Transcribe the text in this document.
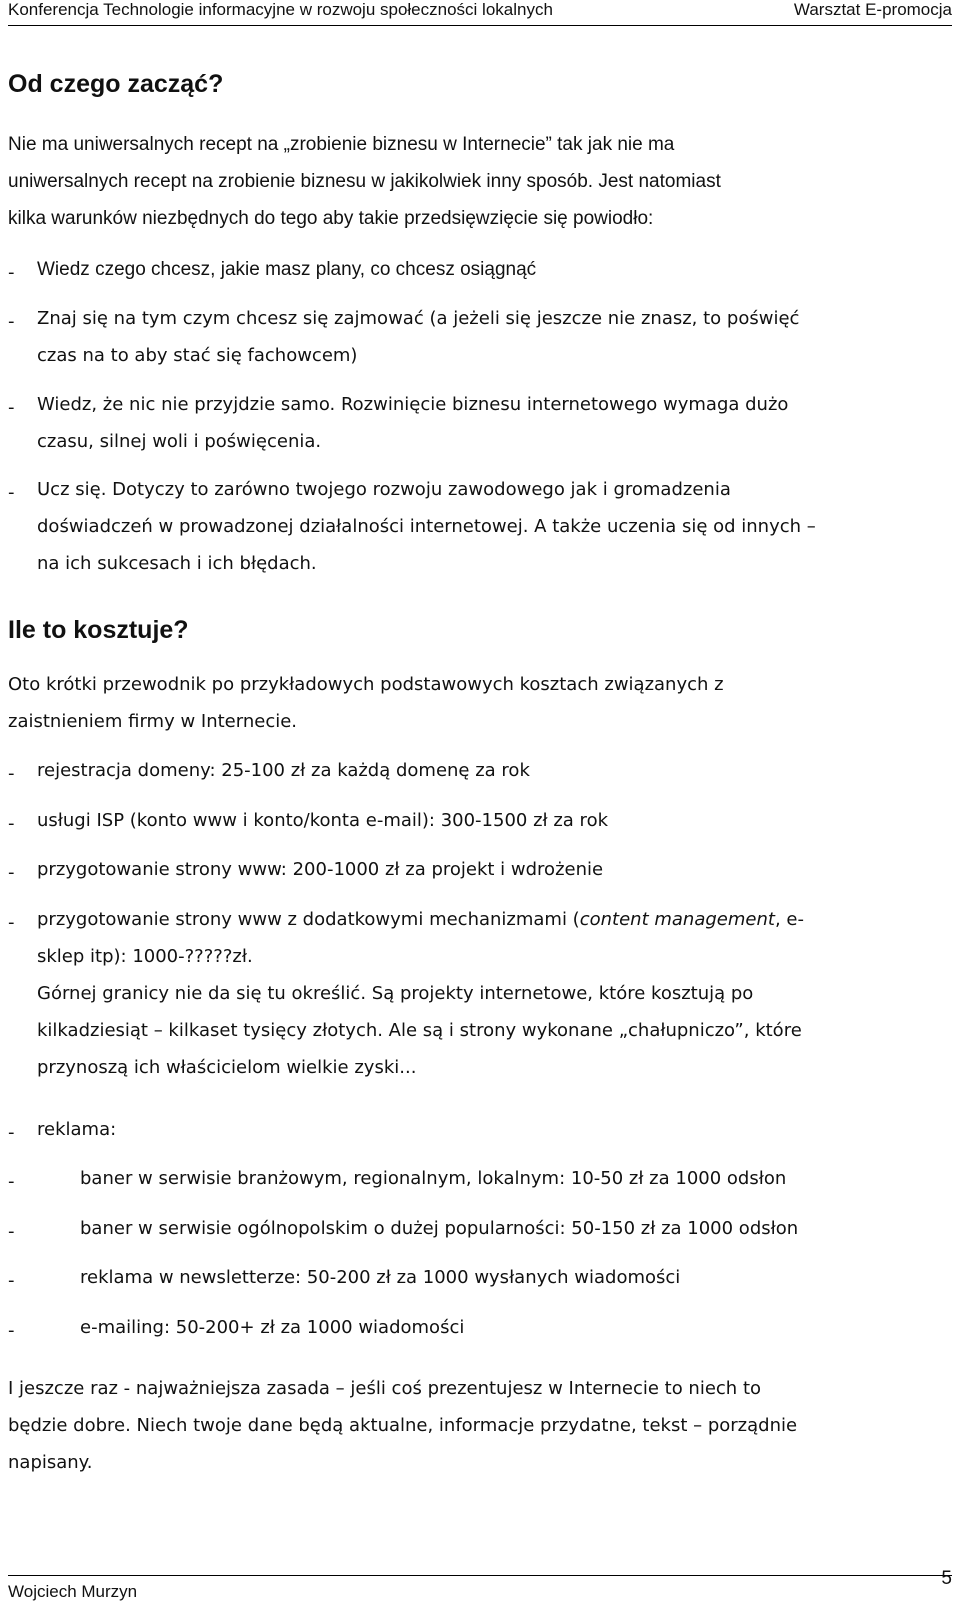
Konferencja Technologie informacyjne w rozwoju społeczności lokalnych	Warsztat E-promocja
Od czego zacząć?
Nie ma uniwersalnych recept na „zrobienie biznesu w Internecie” tak jak nie ma
uniwersalnych recept na zrobienie biznesu w jakikolwiek inny sposób. Jest natomiast
kilka warunków niezbędnych do tego aby takie przedsięwzięcie się powiodło:
- Wiedz czego chcesz, jakie masz plany, co chcesz osiągnąć
- Znaj się na tym czym chcesz się zajmować (a jeżeli się jeszcze nie znasz, to poświęć
czas na to aby stać się fachowcem)
- Wiedz, że nic nie przyjdzie samo. Rozwinięcie biznesu internetowego wymaga dużo
czasu, silnej woli i poświęcenia.
- Ucz się. Dotyczy to zarówno twojego rozwoju zawodowego jak i gromadzenia
doświadczeń w prowadzonej działalności internetowej. A także uczenia się od innych –
na ich sukcesach i ich błędach.
Ile to kosztuje?
Oto krótki przewodnik po przykładowych podstawowych kosztach związanych z
zaistnieniem firmy w Internecie.
- rejestracja domeny: 25-100 zł za każdą domenę za rok
- usługi ISP (konto www i konto/konta e-mail): 300-1500 zł za rok
- przygotowanie strony www: 200-1000 zł za projekt i wdrożenie
- przygotowanie strony www z dodatkowymi mechanizmami (content management, e-
sklep itp): 1000-?????zł.
Górnej granicy nie da się tu określić. Są projekty internetowe, które kosztują po
kilkadziesiąt – kilkaset tysięcy złotych. Ale są i strony wykonane „chałupniczo”, które
przynoszą ich właścicielom wielkie zyski...
- reklama:
-	baner w serwisie branżowym, regionalnym, lokalnym: 10-50 zł za 1000 odsłon
-	baner w serwisie ogólnopolskim o dużej popularności: 50-150 zł za 1000 odsłon
-	reklama w newsletterze: 50-200 zł za 1000 wysłanych wiadomości
-	e-mailing: 50-200+ zł za 1000 wiadomości
I jeszcze raz - najważniejsza zasada – jeśli coś prezentujesz w Internecie to niech to
będzie dobre. Niech twoje dane będą aktualne, informacje przydatne, tekst – porządnie
napisany.
Wojciech Murzyn
5
